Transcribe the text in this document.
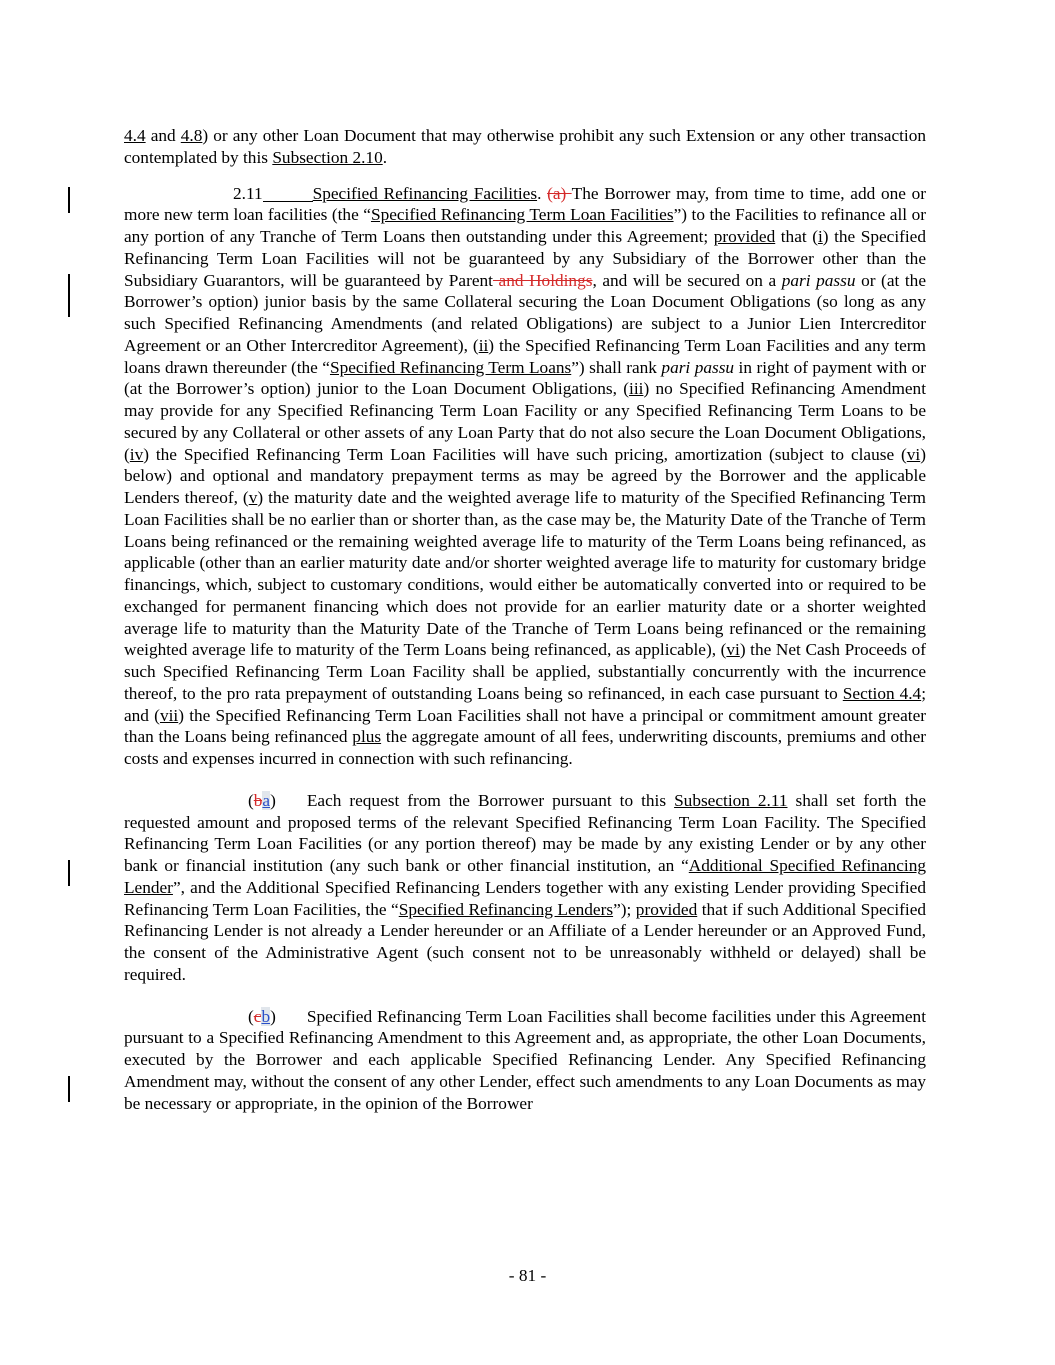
4.4 and 4.8) or any other Loan Document that may otherwise prohibit any such Extension or any other transaction contemplated by this Subsection 2.10.

2.11	Specified Refinancing Facilities. (a) The Borrower may, from time to time, add one or more new term loan facilities (the “Specified Refinancing Term Loan Facilities”) to the Facilities to refinance all or any portion of any Tranche of Term Loans then outstanding under this Agreement; provided that (i) the Specified Refinancing Term Loan Facilities will not be guaranteed by any Subsidiary of the Borrower other than the Subsidiary Guarantors, will be guaranteed by Parent and Holdings, and will be secured on a pari passu or (at the Borrower’s option) junior basis by the same Collateral securing the Loan Document Obligations (so long as any such Specified Refinancing Amendments (and related Obligations) are subject to a Junior Lien Intercreditor Agreement or an Other Intercreditor Agreement), (ii) the Specified Refinancing Term Loan Facilities and any term loans drawn thereunder (the “Specified Refinancing Term Loans”) shall rank pari passu in right of payment with or (at the Borrower’s option) junior to the Loan Document Obligations, (iii) no Specified Refinancing Amendment may provide for any Specified Refinancing Term Loan Facility or any Specified Refinancing Term Loans to be secured by any Collateral or other assets of any Loan Party that do not also secure the Loan Document Obligations, (iv) the Specified Refinancing Term Loan Facilities will have such pricing, amortization (subject to clause (vi) below) and optional and mandatory prepayment terms as may be agreed by the Borrower and the applicable Lenders thereof, (v) the maturity date and the weighted average life to maturity of the Specified Refinancing Term Loan Facilities shall be no earlier than or shorter than, as the case may be, the Maturity Date of the Tranche of Term Loans being refinanced or the remaining weighted average life to maturity of the Term Loans being refinanced, as applicable (other than an earlier maturity date and/or shorter weighted average life to maturity for customary bridge financings, which, subject to customary conditions, would either be automatically converted into or required to be exchanged for permanent financing which does not provide for an earlier maturity date or a shorter weighted average life to maturity than the Maturity Date of the Tranche of Term Loans being refinanced or the remaining weighted average life to maturity of the Term Loans being refinanced, as applicable), (vi) the Net Cash Proceeds of such Specified Refinancing Term Loan Facility shall be applied, substantially concurrently with the incurrence thereof, to the pro rata prepayment of outstanding Loans being so refinanced, in each case pursuant to Section 4.4; and (vii) the Specified Refinancing Term Loan Facilities shall not have a principal or commitment amount greater than the Loans being refinanced plus the aggregate amount of all fees, underwriting discounts, premiums and other costs and expenses incurred in connection with such refinancing.

(ba) Each request from the Borrower pursuant to this Subsection 2.11 shall set forth the requested amount and proposed terms of the relevant Specified Refinancing Term Loan Facility. The Specified Refinancing Term Loan Facilities (or any portion thereof) may be made by any existing Lender or by any other bank or financial institution (any such bank or other financial institution, an “Additional Specified Refinancing Lender”, and the Additional Specified Refinancing Lenders together with any existing Lender providing Specified Refinancing Term Loan Facilities, the “Specified Refinancing Lenders”); provided that if such Additional Specified Refinancing Lender is not already a Lender hereunder or an Affiliate of a Lender hereunder or an Approved Fund, the consent of the Administrative Agent (such consent not to be unreasonably withheld or delayed) shall be required.

(cb) Specified Refinancing Term Loan Facilities shall become facilities under this Agreement pursuant to a Specified Refinancing Amendment to this Agreement and, as appropriate, the other Loan Documents, executed by the Borrower and each applicable Specified Refinancing Lender. Any Specified Refinancing Amendment may, without the consent of any other Lender, effect such amendments to any Loan Documents as may be necessary or appropriate, in the opinion of the Borrower

- 81 -
